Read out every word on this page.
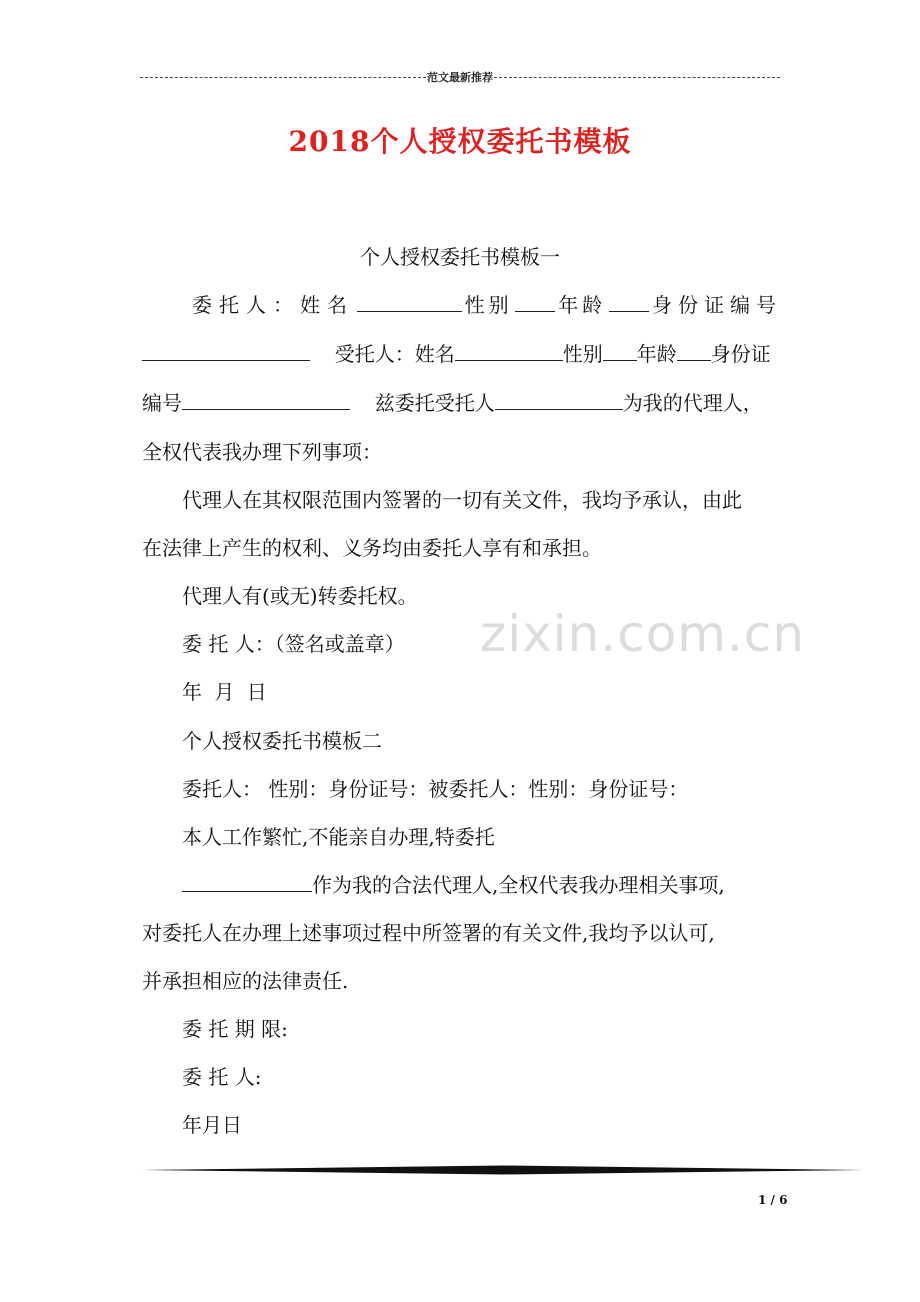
范文最新推荐
2018个人授权委托书模板
个人授权委托书模板一
委托人：姓名	性别 年龄 身份证编号
受托人：姓名	性别 年龄 身份证
编号	兹委托受托人	为我的代理人，
全权代表我办理下列事项：
代理人在其权限范围内签署的一切有关文件，我均予承认，由此
在法律上产生的权利、义务均由委托人享有和承担。
代理人有(或无)转委托权。
委 托 人：（签名或盖章）
年 月 日
个人授权委托书模板二
委托人： 性别：身份证号：被委托人：性别：身份证号：
本人工作繁忙,不能亲自办理,特委托
作为我的合法代理人,全权代表我办理相关事项,
对委托人在办理上述事项过程中所签署的有关文件,我均予以认可,
并承担相应的法律责任.
委 托 期 限:
委 托 人:
年月日
zixin.com.cn
1 / 6
